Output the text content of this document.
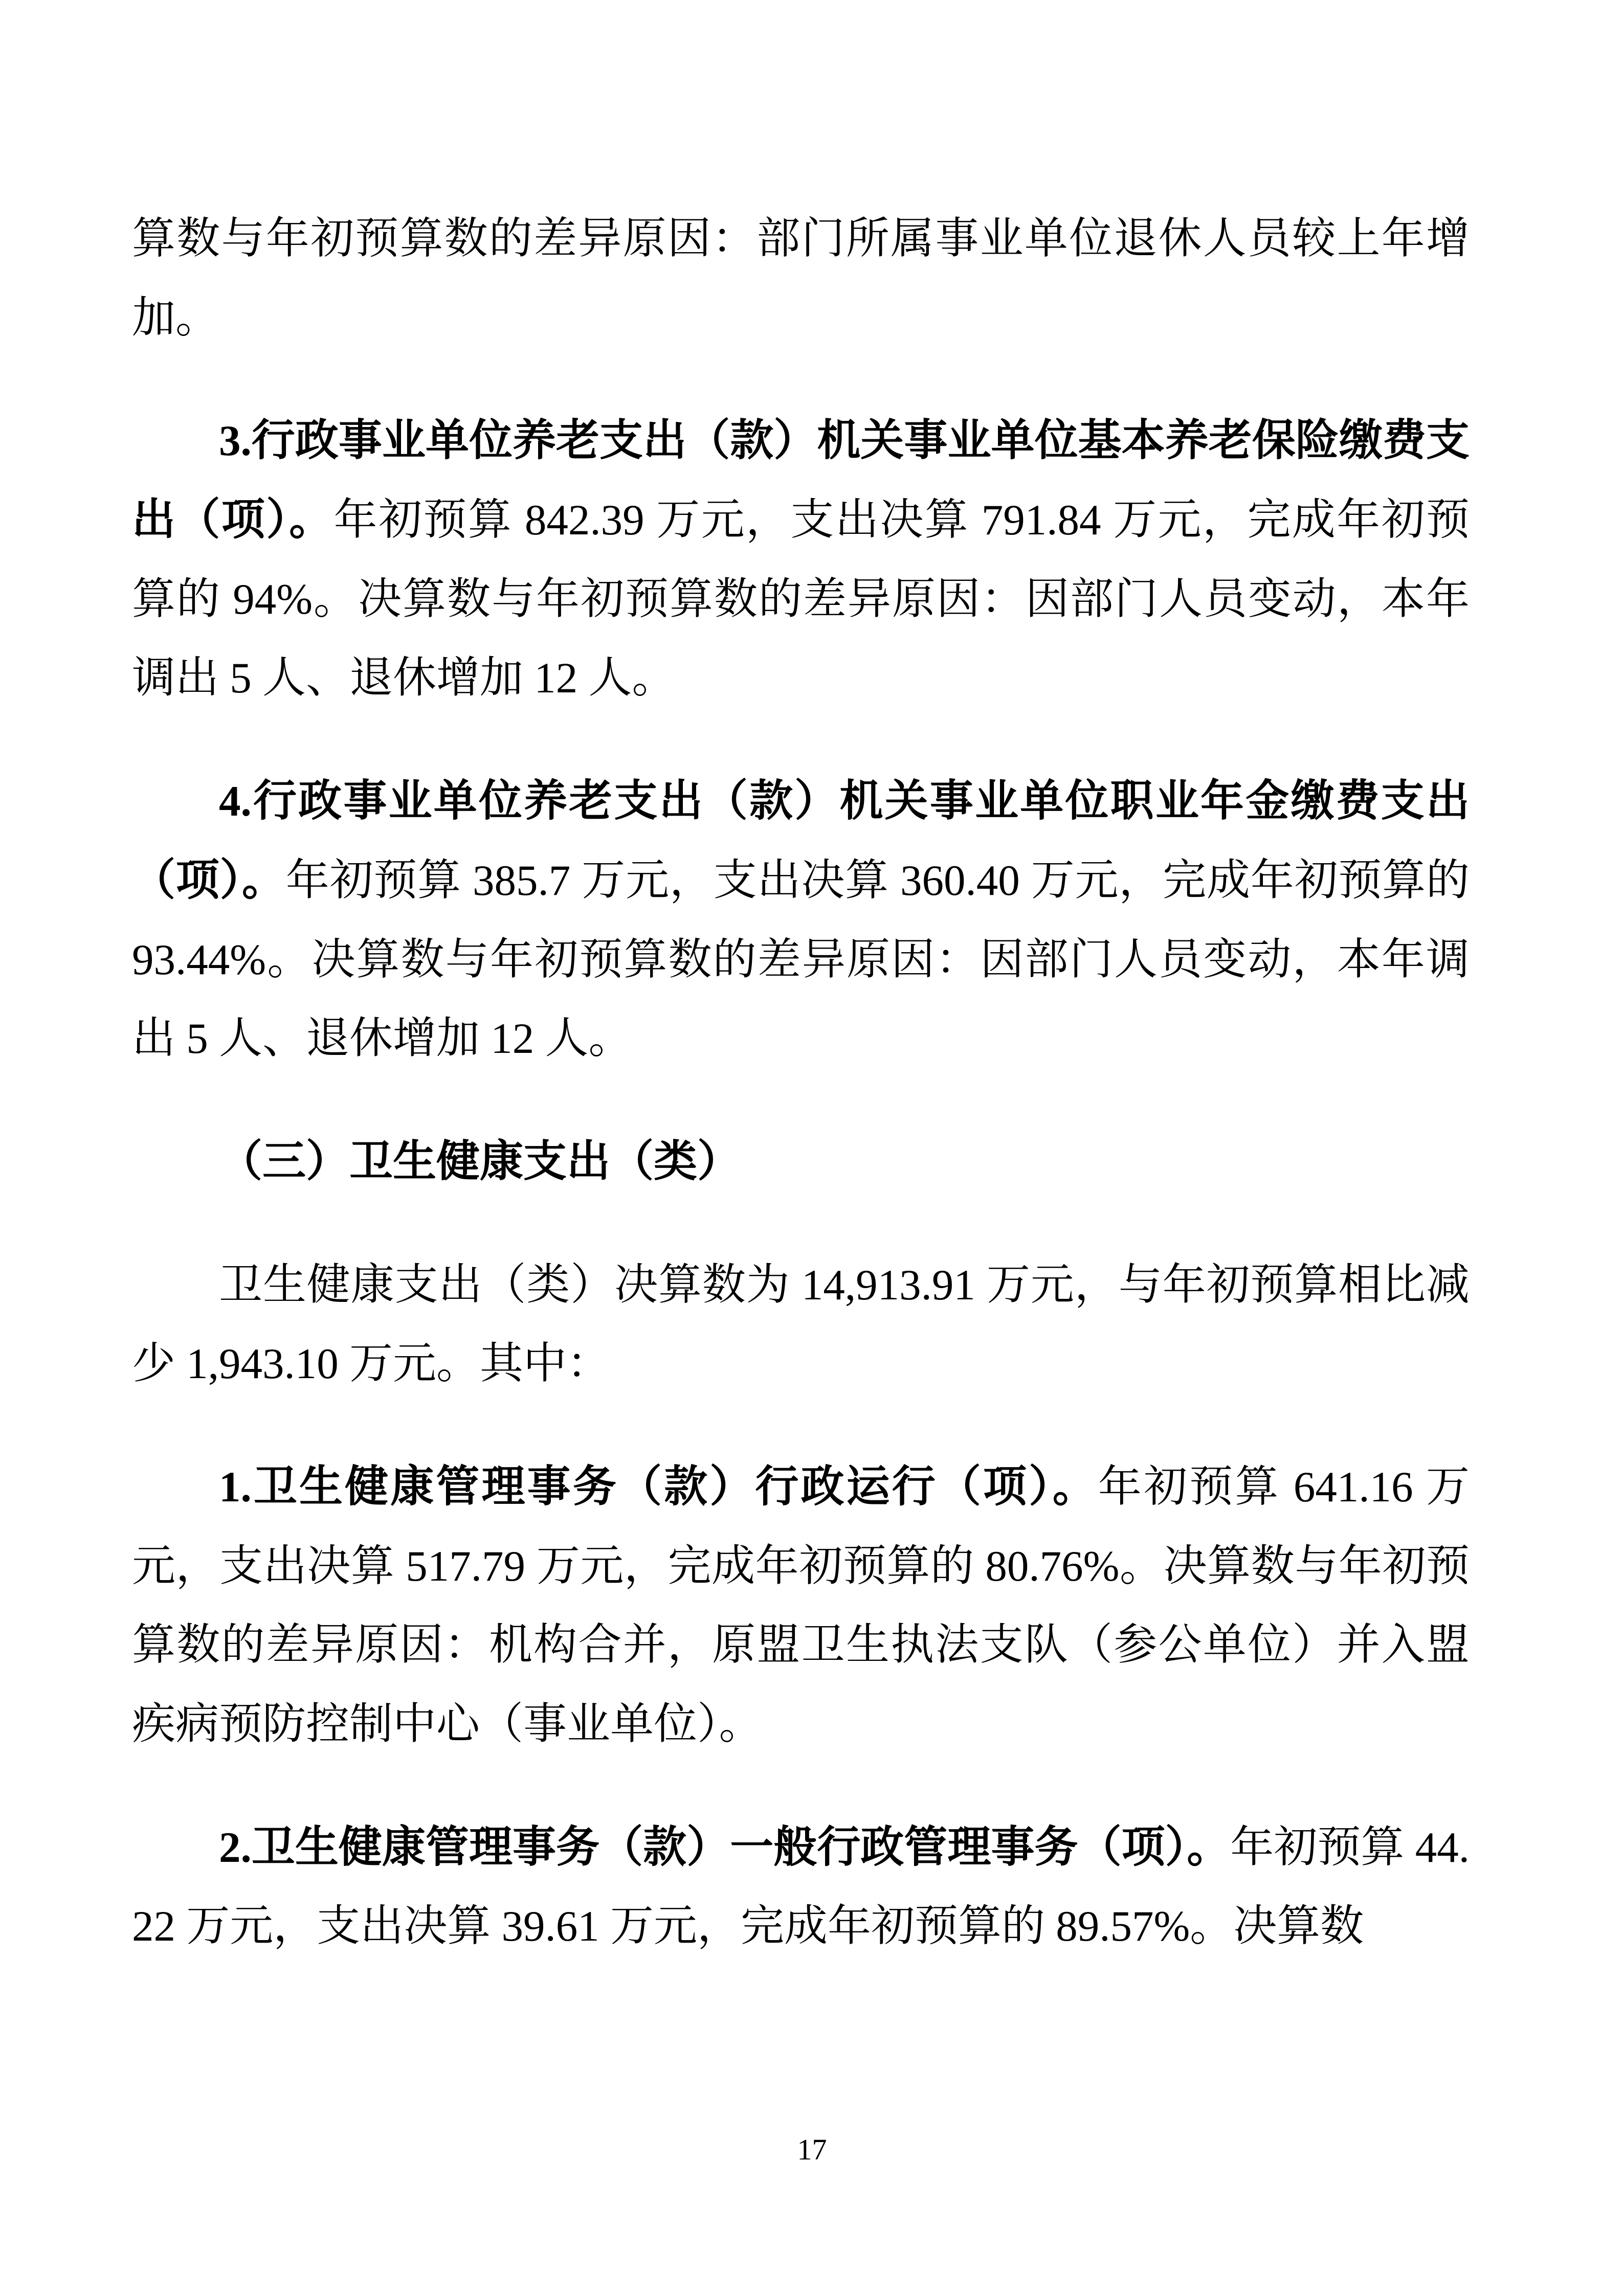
算数与年初预算数的差异原因：部门所属事业单位退休人员较上年增加。

3.行政事业单位养老支出（款）机关事业单位基本养老保险缴费支出（项）。年初预算 842.39 万元，支出决算 791.84 万元，完成年初预算的 94%。决算数与年初预算数的差异原因：因部门人员变动，本年调出 5 人、退休增加 12 人。

4.行政事业单位养老支出（款）机关事业单位职业年金缴费支出（项）。年初预算 385.7 万元，支出决算 360.40 万元，完成年初预算的 93.44%。决算数与年初预算数的差异原因：因部门人员变动，本年调出 5 人、退休增加 12 人。

（三）卫生健康支出（类）

卫生健康支出（类）决算数为 14,913.91 万元，与年初预算相比减少 1,943.10 万元。其中：

1.卫生健康管理事务（款）行政运行（项）。年初预算 641.16 万元，支出决算 517.79 万元，完成年初预算的 80.76%。决算数与年初预算数的差异原因：机构合并，原盟卫生执法支队（参公单位）并入盟疾病预防控制中心（事业单位）。

2.卫生健康管理事务（款）一般行政管理事务（项）。年初预算 44.22 万元，支出决算 39.61 万元，完成年初预算的 89.57%。决算数

17
